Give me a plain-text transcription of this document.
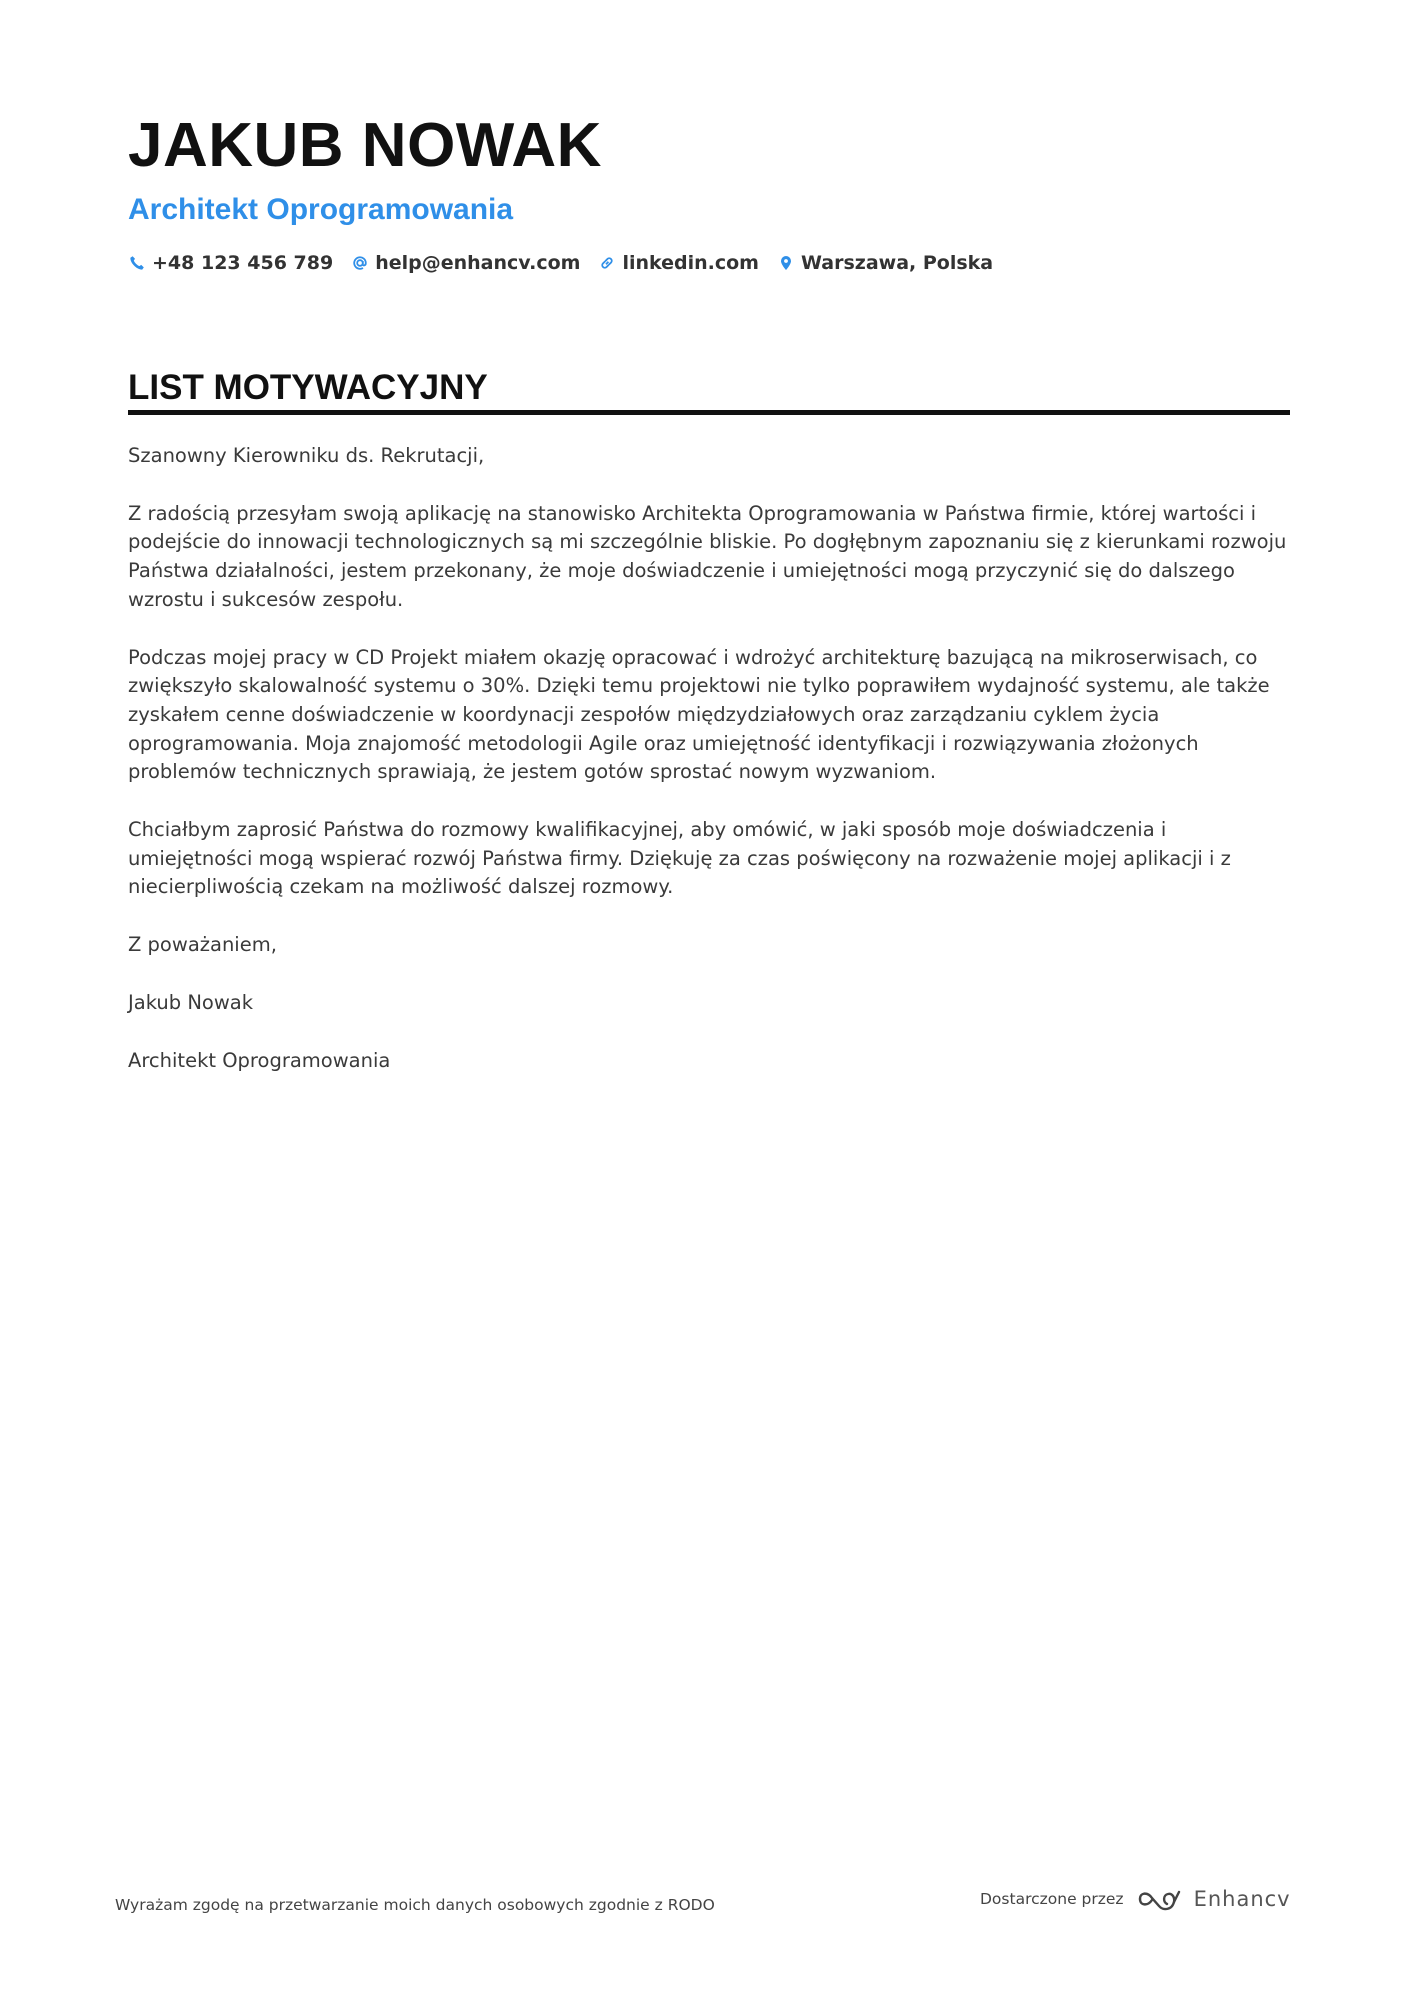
JAKUB NOWAK
Architekt Oprogramowania
+48 123 456 789 help@enhancv.com linkedin.com Warszawa, Polska
LIST MOTYWACYJNY

Szanowny Kierowniku ds. Rekrutacji,

Z radością przesyłam swoją aplikację na stanowisko Architekta Oprogramowania w Państwa firmie, której wartości i podejście do innowacji technologicznych są mi szczególnie bliskie. Po dogłębnym zapoznaniu się z kierunkami rozwoju Państwa działalności, jestem przekonany, że moje doświadczenie i umiejętności mogą przyczynić się do dalszego wzrostu i sukcesów zespołu.

Podczas mojej pracy w CD Projekt miałem okazję opracować i wdrożyć architekturę bazującą na mikroserwisach, co zwiększyło skalowalność systemu o 30%. Dzięki temu projektowi nie tylko poprawiłem wydajność systemu, ale także zyskałem cenne doświadczenie w koordynacji zespołów międzydziałowych oraz zarządzaniu cyklem życia oprogramowania. Moja znajomość metodologii Agile oraz umiejętność identyfikacji i rozwiązywania złożonych problemów technicznych sprawiają, że jestem gotów sprostać nowym wyzwaniom.

Chciałbym zaprosić Państwa do rozmowy kwalifikacyjnej, aby omówić, w jaki sposób moje doświadczenia i umiejętności mogą wspierać rozwój Państwa firmy. Dziękuję za czas poświęcony na rozważenie mojej aplikacji i z niecierpliwością czekam na możliwość dalszej rozmowy.

Z poważaniem,

Jakub Nowak

Architekt Oprogramowania

Wyrażam zgodę na przetwarzanie moich danych osobowych zgodnie z RODO	Dostarczone przez	Enhancv
